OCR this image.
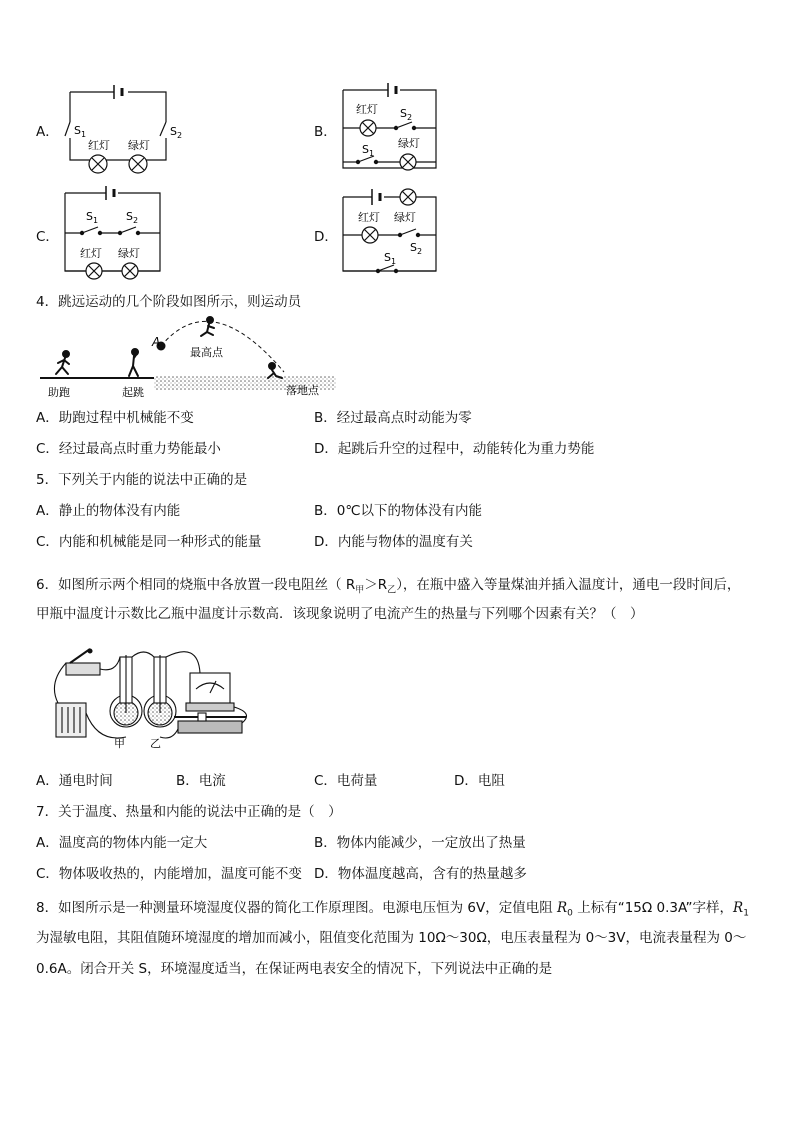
A． $S_1$	$S_2$
红灯 绿灯
B．
红灯 $S_2$
$S_1$
绿灯
C．
$S_1$	$S_2$
红灯 绿灯
D．
红灯 绿灯
$S_2$
$S_1$
4．跳远运动的几个阶段如图所示，则运动员
A
最高点
助跑	起跳	落地点
A．助跑过程中机械能不变	B．经过最高点时动能为零
C．经过最高点时重力势能最小	D．起跳后升空的过程中，动能转化为重力势能
5．下列关于内能的说法中正确的是
A．静止的物体没有内能	B．0℃以下的物体没有内能
C．内能和机械能是同一种形式的能量	D．内能与物体的温度有关
6．如图所示两个相同的烧瓶中各放置一段电阻丝（ $R_甲>R_乙$），在瓶中盛入等量煤油并插入温度计，通电一段时间后，
甲瓶中温度计示数比乙瓶中温度计示数高．该现象说明了电流产生的热量与下列哪个因素有关？（　）
甲 乙
A．通电时间	B．电流	C．电荷量	D．电阻
7．关于温度、热量和内能的说法中正确的是（　）
A．温度高的物体内能一定大	B．物体内能减少，一定放出了热量
C．物体吸收热的，内能增加，温度可能不变 D．物体温度越高，含有的热量越多
8．如图所示是一种测量环境湿度仪器的简化工作原理图。电源电压恒为 6V，定值电阻 $R_0$ 上标有“15Ω 0.3A”字样，$R_1$
为湿敏电阻，其阻值随环境湿度的增加而减小，阻值变化范围为 10Ω～30Ω，电压表量程为 0～3V，电流表量程为 0～
0.6A。闭合开关 S，环境湿度适当，在保证两电表安全的情况下，下列说法中正确的是
